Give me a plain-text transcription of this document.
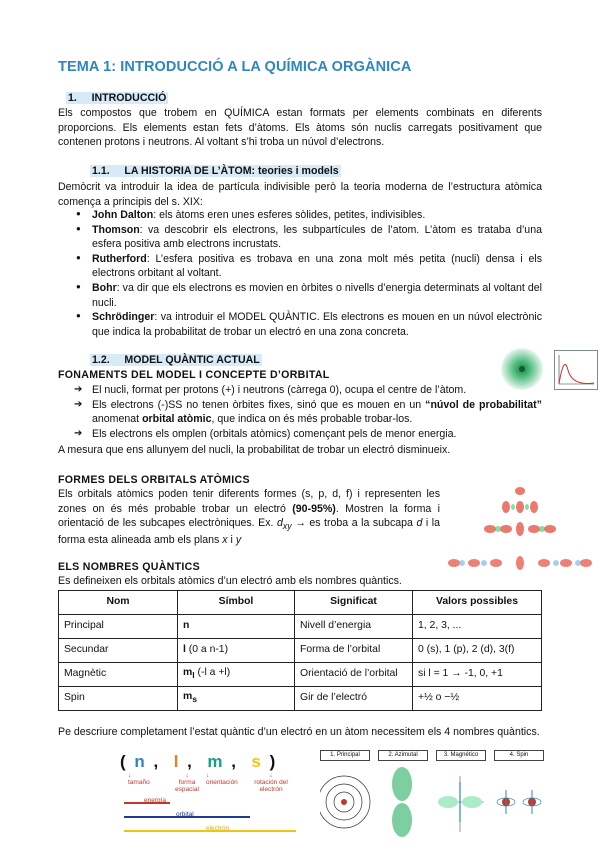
TEMA 1: INTRODUCCIÓ A LA QUÍMICA ORGÀNICA
1. INTRODUCCIÓ
Els compostos que trobem en QUÍMICA estan formats per elements combinats en diferents proporcions. Els elements estan fets d’àtoms. Els àtoms són nuclis carregats positivament que contenen protons i neutrons. Al voltant s’hi troba un núvol d’electrons.
1.1. LA HISTORIA DE L’ÀTOM: teories i models
Demòcrit va introduir la idea de partícula indivisible però la teoria moderna de l’estructura atòmica comença a principis del s. XIX:
● John Dalton: els àtoms eren unes esferes sòlides, petites, indivisibles.
● Thomson: va descobrir els electrons, les subpartícules de l’atom. L’àtom es trataba d’una esfera positiva amb electrons incrustats.
● Rutherford: L’esfera positiva es trobava en una zona molt més petita (nucli) densa i els electrons orbitant al voltant.
● Bohr: va dir que els electrons es movien en òrbites o nivells d’energia determinats al voltant del nucli.
● Schrödinger: va introduir el MODEL QUÀNTIC. Els electrons es mouen en un núvol electrònic que indica la probabilitat de trobar un electró en una zona concreta.
1.2. MODEL QUÀNTIC ACTUAL
FONAMENTS DEL MODEL I CONCEPTE D’ORBITAL
➔ El nucli, format per protons (+) i neutrons (càrrega 0), ocupa el centre de l’àtom.
➔ Els electrons (-)SS no tenen òrbites fixes, sinó que es mouen en un “núvol de probabilitat” anomenat orbital atòmic, que indica on és més probable trobar-los.
➔ Els electrons els omplen (orbitals atòmics) començant pels de menor energia.
A mesura que ens allunyem del nucli, la probabilitat de trobar un electró disminueix.
FORMES DELS ORBITALS ATÒMICS
Els orbitals atòmics poden tenir diferents formes (s, p, d, f) i representen les zones on és més probable trobar un electró (90-95%). Mostren la forma i orientació de les subcapes electròniques. Ex. $d_{xy}$ → es troba a la subcapa d i la forma esta alineada amb els plans x i y
ELS NOMBRES QUÀNTICS
Es defineixen els orbitals atòmics d’un electró amb els nombres quàntics.
Nom	Símbol	Significat	Valors possibles
Principal	n	Nivell d’energia	1, 2, 3, ...
Secundar	l (0 a n-1)	Forma de l’orbital	0 (s), 1 (p), 2 (d), 3(f)
Magnètic	$m_l$ (-l a +l)	Orientació de l’orbital	si l = 1 → -1, 0, +1
Spin	$m_s$	Gir de l’electró	+½ o −½
Pe descriure completament l’estat quàntic d’un electró en un àtom necessitem els 4 nombres quàntics.
( n ,  l ,  m ,  s )
↓
tamaño
↓
forma espacial
↓
orientación
↓
rotación del electrón
energía
orbital
electrón
1. Principal	2. Azimutal	3. Magnético	4. Spin
